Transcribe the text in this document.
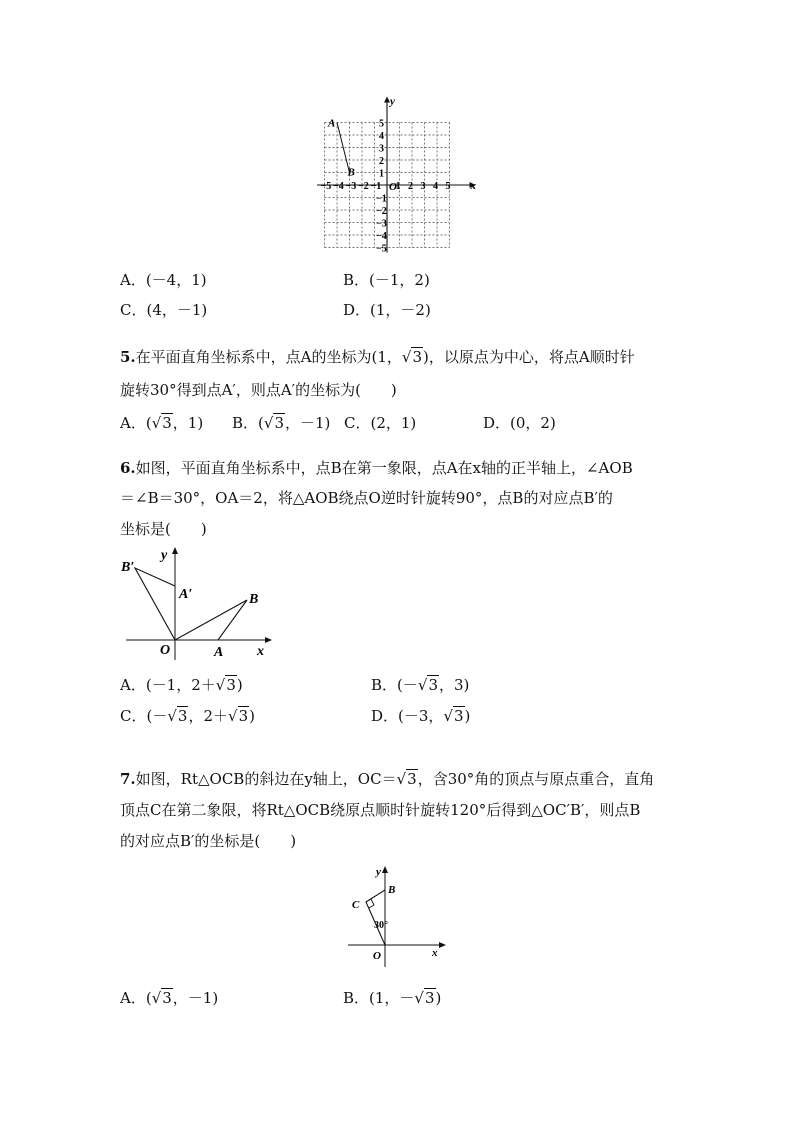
−5 −4 −3 −2 −1 1 2 3 4 5
5
4
3
2
1
−1
−2
−3
−4
−5
A
B
O	x
y
A．(－4，1)	B．(－1，2)
C．(4，－1)	D．(1，－2)
5.在平面直角坐标系中，点A的坐标为(1，√3)，以原点为中心，将点A顺时针
旋转30°得到点A′，则点A′的坐标为(　　)
A．(√3，1) B．(√3，－1) C．(2，1)	D．(0，2)
6.如图，平面直角坐标系中，点B在第一象限，点A在x轴的正半轴上，∠AOB
＝∠B＝30°，OA＝2，将△AOB绕点O逆时针旋转90°，点B的对应点B′的
坐标是(　　)
B′
A′	B
O	A x
y
A．(－1，2＋√3)	B．(－√3，3)
C．(－√3，2＋√3)	D．(－3，√3)
7.如图，Rt△OCB的斜边在y轴上，OC＝√3，含30°角的顶点与原点重合，直角
顶点C在第二象限，将Rt△OCB绕原点顺时针旋转120°后得到△OC′B′，则点B
的对应点B′的坐标是(　　)
B
C
O
30°
x
y
A．(√3，－1)	B．(1，－√3)
